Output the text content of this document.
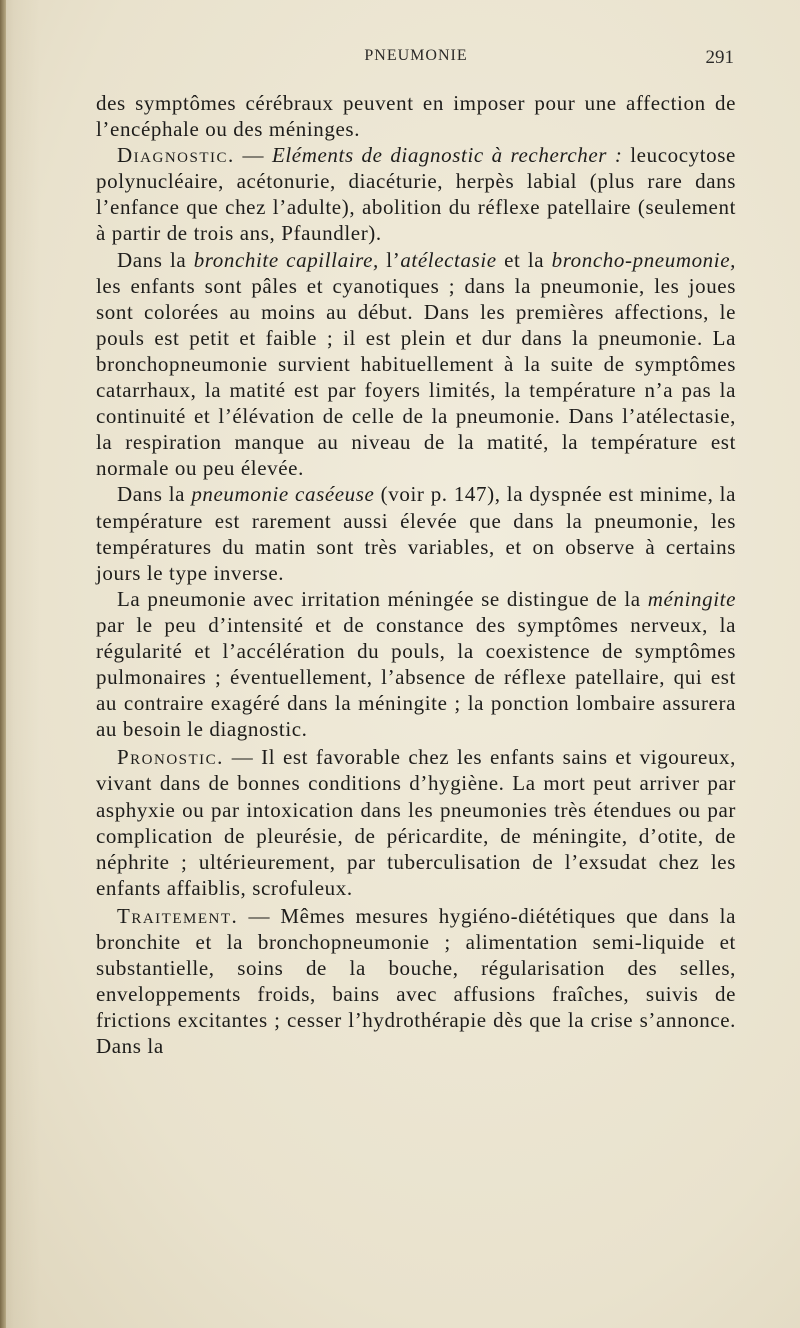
PNEUMONIE	291

des symptômes cérébraux peuvent en imposer pour une affection de l’encéphale ou des méninges.

Diagnostic. — Eléments de diagnostic à rechercher : leucocytose polynucléaire, acétonurie, diacéturie, herpès labial (plus rare dans l’enfance que chez l’adulte), abolition du réflexe patellaire (seulement à partir de trois ans, Pfaundler).

Dans la bronchite capillaire, l’atélectasie et la broncho-pneumonie, les enfants sont pâles et cyanotiques ; dans la pneumonie, les joues sont colorées au moins au début. Dans les premières affections, le pouls est petit et faible ; il est plein et dur dans la pneumonie. La bronchopneumonie survient habituellement à la suite de symptômes catarrhaux, la matité est par foyers limités, la température n’a pas la continuité et l’élévation de celle de la pneumonie. Dans l’atélectasie, la respiration manque au niveau de la matité, la température est normale ou peu élevée.

Dans la pneumonie caséeuse (voir p. 147), la dyspnée est minime, la température est rarement aussi élevée que dans la pneumonie, les températures du matin sont très variables, et on observe à certains jours le type inverse.

La pneumonie avec irritation méningée se distingue de la méningite par le peu d’intensité et de constance des symptômes nerveux, la régularité et l’accélération du pouls, la coexistence de symptômes pulmonaires ; éventuellement, l’absence de réflexe patellaire, qui est au contraire exagéré dans la méningite ; la ponction lombaire assurera au besoin le diagnostic.

Pronostic. — Il est favorable chez les enfants sains et vigoureux, vivant dans de bonnes conditions d’hygiène. La mort peut arriver par asphyxie ou par intoxication dans les pneumonies très étendues ou par complication de pleurésie, de péricardite, de méningite, d’otite, de néphrite ; ultérieurement, par tuberculisation de l’exsudat chez les enfants affaiblis, scrofuleux.

Traitement. — Mêmes mesures hygiéno-diététiques que dans la bronchite et la bronchopneumonie ; alimentation semi-liquide et substantielle, soins de la bouche, régularisation des selles, enveloppements froids, bains avec affusions fraîches, suivis de frictions excitantes ; cesser l’hydrothérapie dès que la crise s’annonce. Dans la
